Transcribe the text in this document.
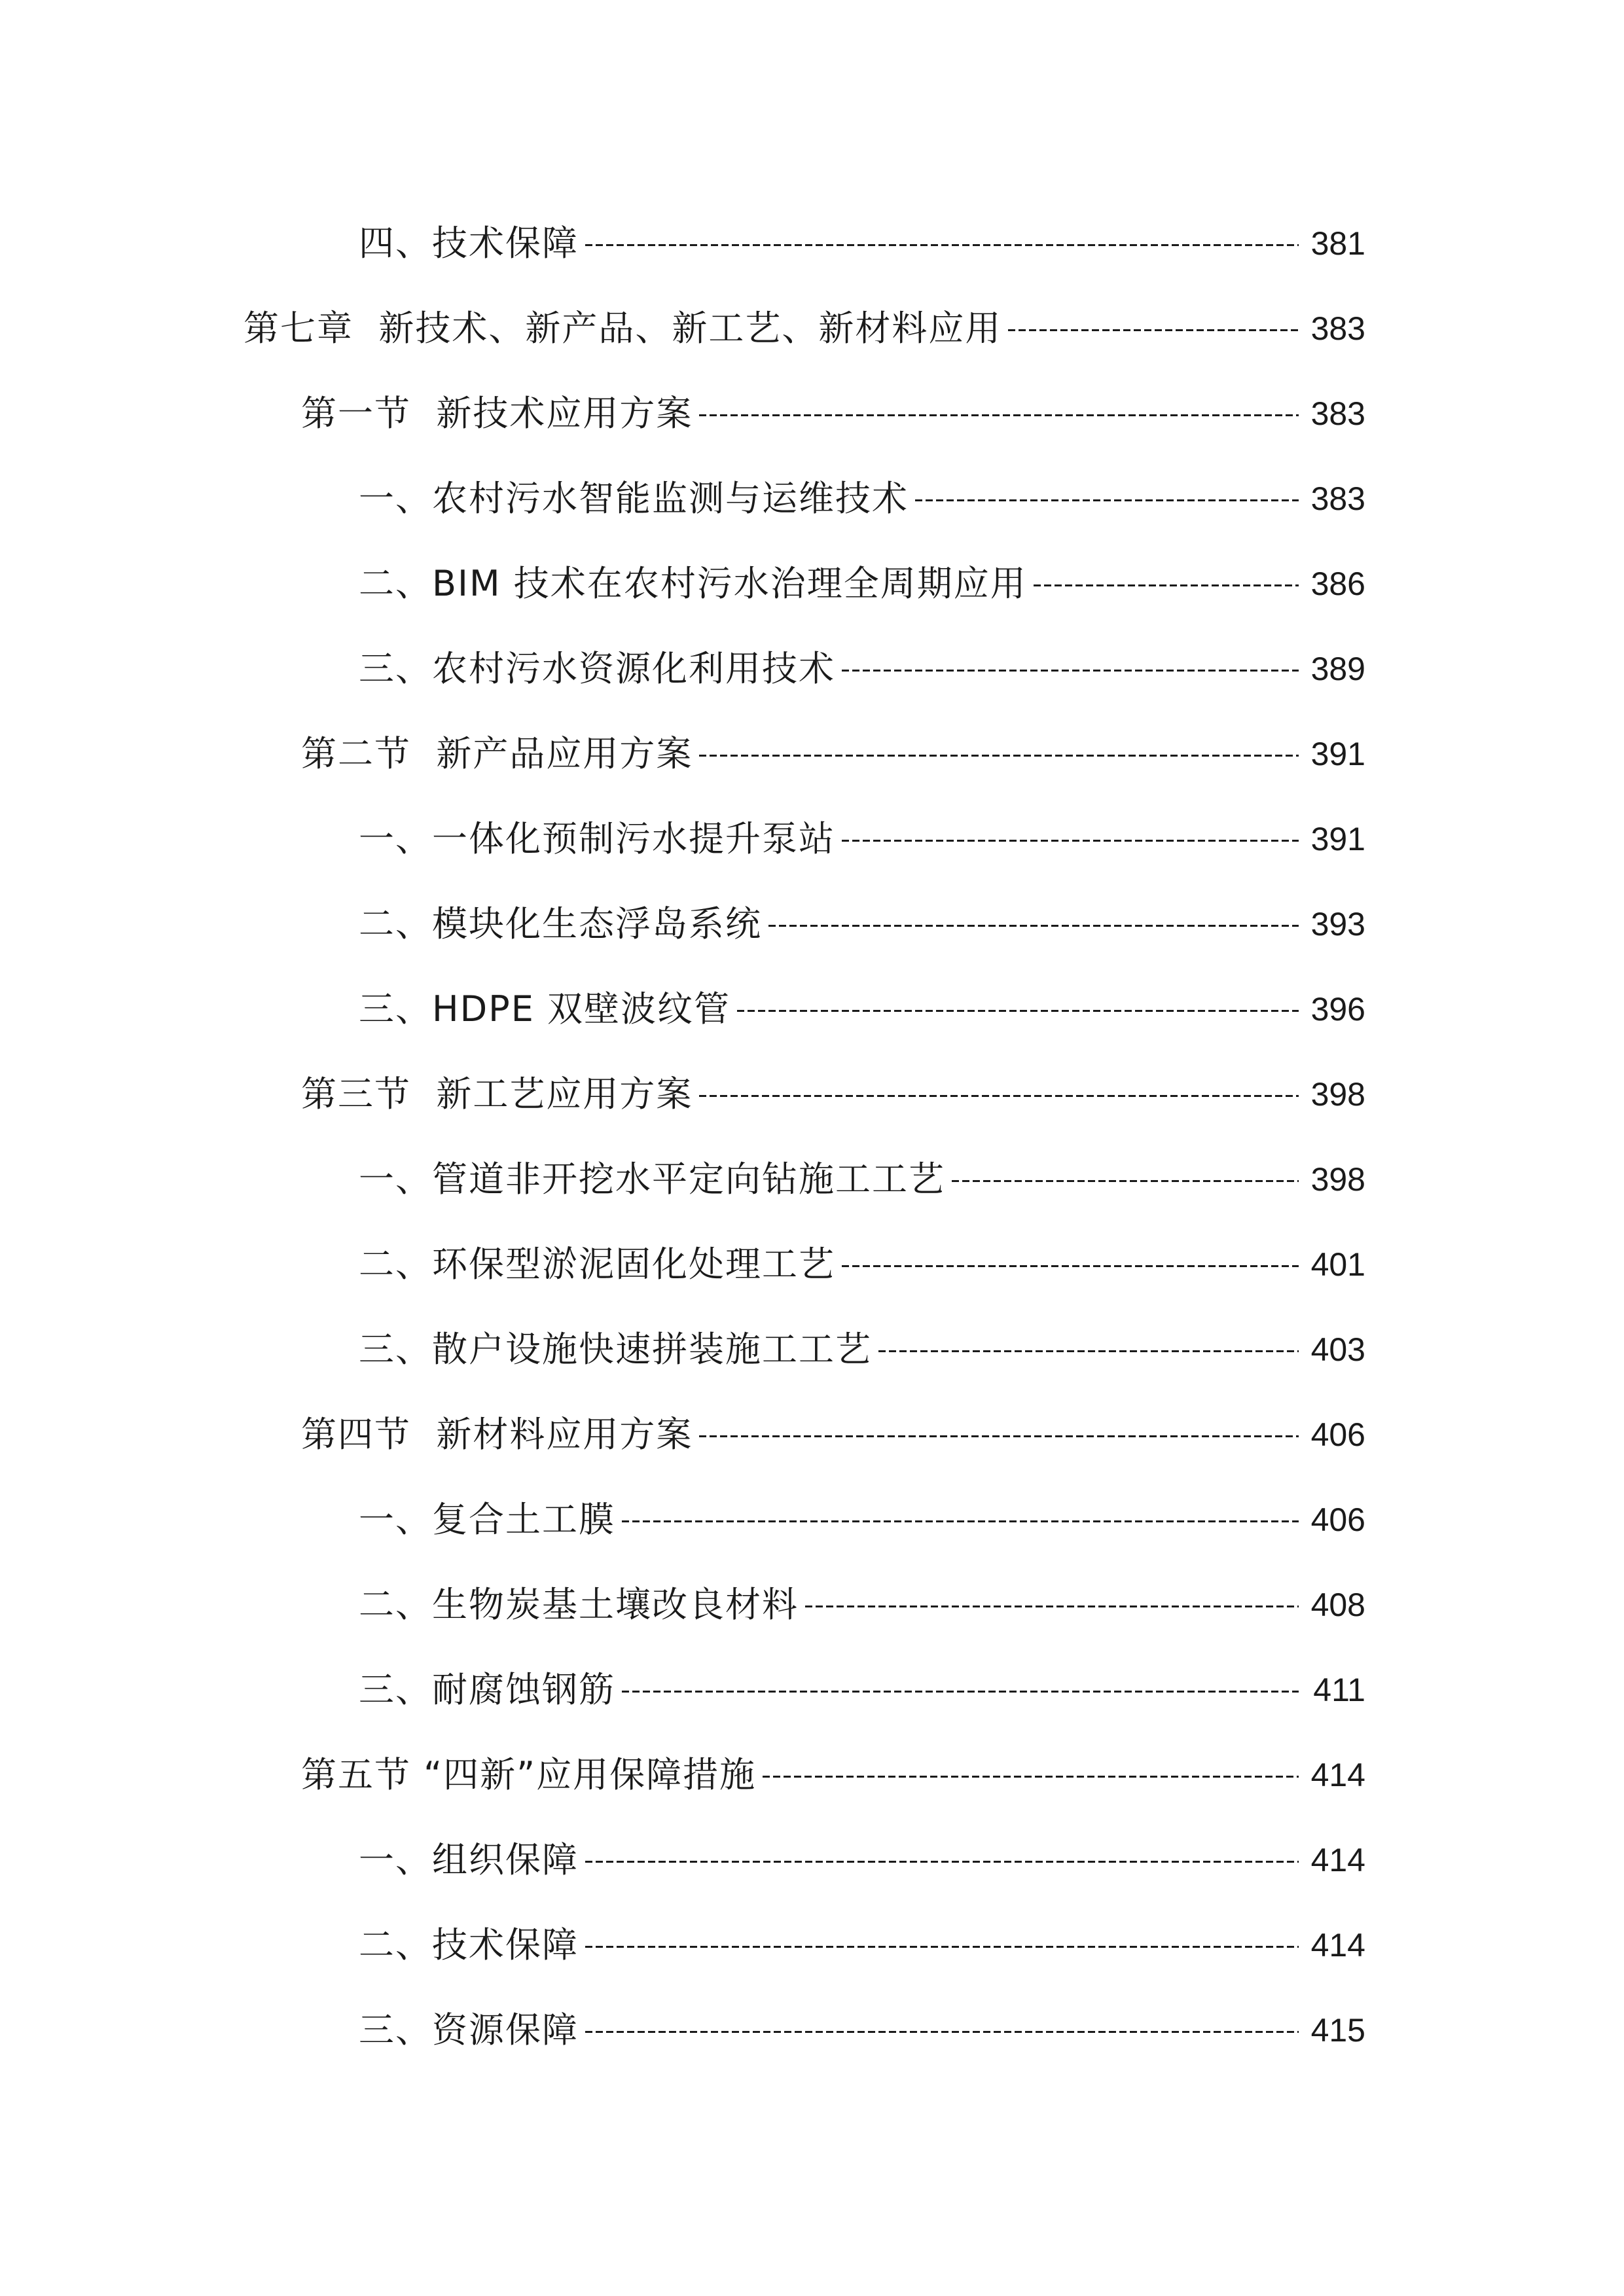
四、技术保障	381
第七章  新技术、新产品、新工艺、新材料应用	383
第一节  新技术应用方案	383
一、农村污水智能监测与运维技术	383
二、BIM 技术在农村污水治理全周期应用	386
三、农村污水资源化利用技术	389
第二节  新产品应用方案	391
一、一体化预制污水提升泵站	391
二、模块化生态浮岛系统	393
三、HDPE 双壁波纹管	396
第三节  新工艺应用方案	398
一、管道非开挖水平定向钻施工工艺	398
二、环保型淤泥固化处理工艺	401
三、散户设施快速拼装施工工艺	403
第四节  新材料应用方案	406
一、复合土工膜	406
二、生物炭基土壤改良材料	408
三、耐腐蚀钢筋	411
第五节 “四新”应用保障措施	414
一、组织保障	414
二、技术保障	414
三、资源保障	415
